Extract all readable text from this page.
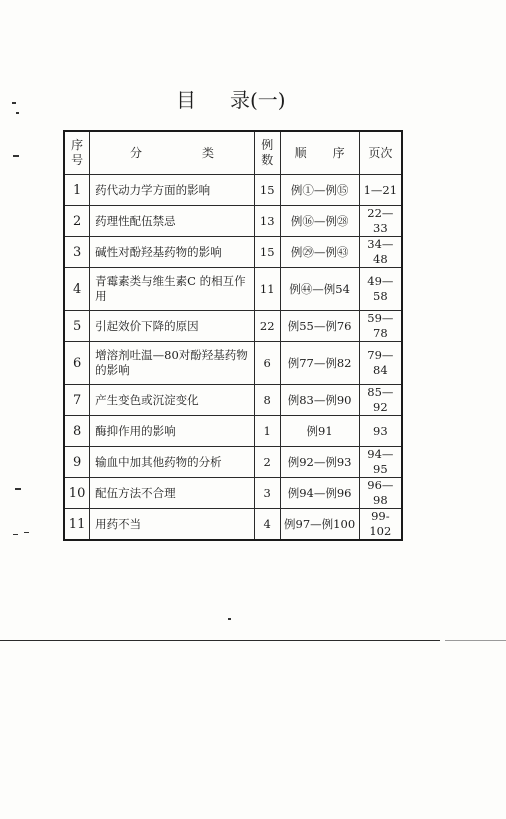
目 录(一)
序号	分 类	例数	顺 序	页次
1	药代动力学方面的影响	15	例①—例⑮	1—21
2	药理性配伍禁忌	13	例⑯—例㉘	22—33
3	碱性对酚羟基药物的影响	15	例㉙—例㊸	34—48
4	青霉素类与维生素C 的相互作用	11	例㊹—例54	49—58
5	引起效价下降的原因	22	例55—例76	59—78
6	增溶剂吐温—80对酚羟基药物的影响	6	例77—例82	79—84
7	产生变色或沉淀变化	8	例83—例90	85—92
8	酶抑作用的影响	1	例91	93
9	输血中加其他药物的分析	2	例92—例93	94—95
10	配伍方法不合理	3	例94—例96	96—98
11	用药不当	4	例97—例100	99-102
